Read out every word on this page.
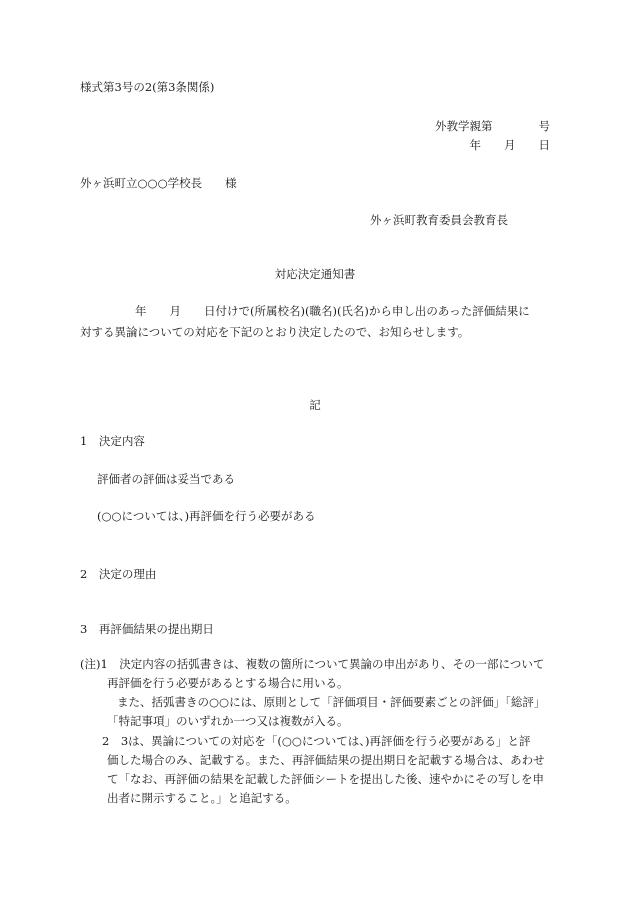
様式第3号の2(第3条関係)

外教学親第　　　　号

年　　月　　日

外ヶ浜町立○○○学校長　　様

外ヶ浜町教育委員会教育長

対応決定通知書

年　　月　　日付けで(所属校名)(職名)(氏名)から申し出のあった評価結果に

対する異論についての対応を下記のとおり決定したので、お知らせします。

記

1　決定内容

評価者の評価は妥当である

(○○については、)再評価を行う必要がある

2　決定の理由

3　再評価結果の提出期日

(注)1　決定内容の括弧書きは、複数の箇所について異論の申出があり、その一部について

再評価を行う必要があるとする場合に用いる。

また、括弧書きの○○には、原則として「評価項目・評価要素ごとの評価」「総評」

「特記事項」のいずれか一つ又は複数が入る。

2　3は、異論についての対応を「(○○については、)再評価を行う必要がある」と評

価した場合のみ、記載する。また、再評価結果の提出期日を記載する場合は、あわせ

て「なお、再評価の結果を記載した評価シートを提出した後、速やかにその写しを申

出者に開示すること。」と追記する。
